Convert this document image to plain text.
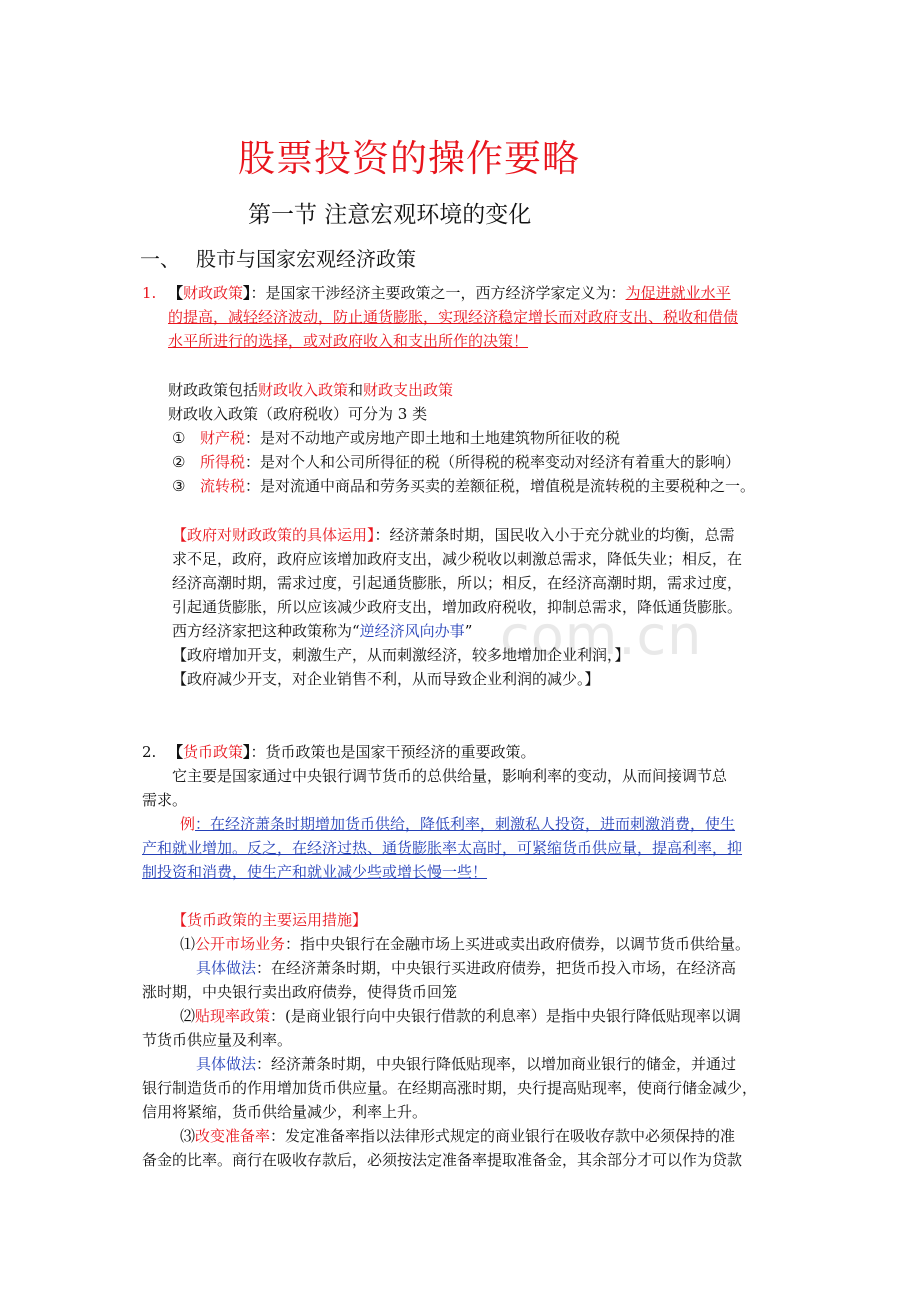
com.cn
股票投资的操作要略
第一节 注意宏观环境的变化
一、 股市与国家宏观经济政策
1. 【财政政策】：是国家干涉经济主要政策之一，西方经济学家定义为：为促进就业水平
的提高，减轻经济波动，防止通货膨胀，实现经济稳定增长而对政府支出、税收和借债
水平所进行的选择，或对政府收入和支出所作的决策！
财政政策包括财政收入政策和财政支出政策
财政收入政策（政府税收）可分为 3 类
① 财产税：是对不动地产或房地产即土地和土地建筑物所征收的税
② 所得税：是对个人和公司所得征的税（所得税的税率变动对经济有着重大的影响）
③ 流转税：是对流通中商品和劳务买卖的差额征税，增值税是流转税的主要税种之一。
【政府对财政政策的具体运用】：经济萧条时期，国民收入小于充分就业的均衡，总需
求不足，政府，政府应该增加政府支出，减少税收以刺激总需求，降低失业；相反，在
经济高潮时期，需求过度，引起通货膨胀，所以；相反，在经济高潮时期，需求过度，
引起通货膨胀，所以应该减少政府支出，增加政府税收，抑制总需求，降低通货膨胀。
西方经济家把这种政策称为“逆经济风向办事”
【政府增加开支，刺激生产，从而刺激经济，较多地增加企业利润，】
【政府减少开支，对企业销售不利，从而导致企业利润的减少。】
2. 【货币政策】：货币政策也是国家干预经济的重要政策。
它主要是国家通过中央银行调节货币的总供给量，影响利率的变动，从而间接调节总
需求。
例：在经济萧条时期增加货币供给，降低利率，刺激私人投资，进而刺激消费，使生
产和就业增加。反之，在经济过热、通货膨胀率太高时，可紧缩货币供应量，提高利率，抑
制投资和消费，使生产和就业减少些或增长慢一些！
【货币政策的主要运用措施】
⑴公开市场业务：指中央银行在金融市场上买进或卖出政府债券，以调节货币供给量。
具体做法：在经济萧条时期，中央银行买进政府债券，把货币投入市场，在经济高
涨时期，中央银行卖出政府债券，使得货币回笼
⑵贴现率政策：(是商业银行向中央银行借款的利息率）是指中央银行降低贴现率以调
节货币供应量及利率。
具体做法：经济萧条时期，中央银行降低贴现率，以增加商业银行的储金，并通过
银行制造货币的作用增加货币供应量。在经期高涨时期，央行提高贴现率，使商行储金减少，
信用将紧缩，货币供给量减少，利率上升。
⑶改变准备率：发定准备率指以法律形式规定的商业银行在吸收存款中必须保持的准
备金的比率。商行在吸收存款后，必须按法定准备率提取准备金，其余部分才可以作为贷款
